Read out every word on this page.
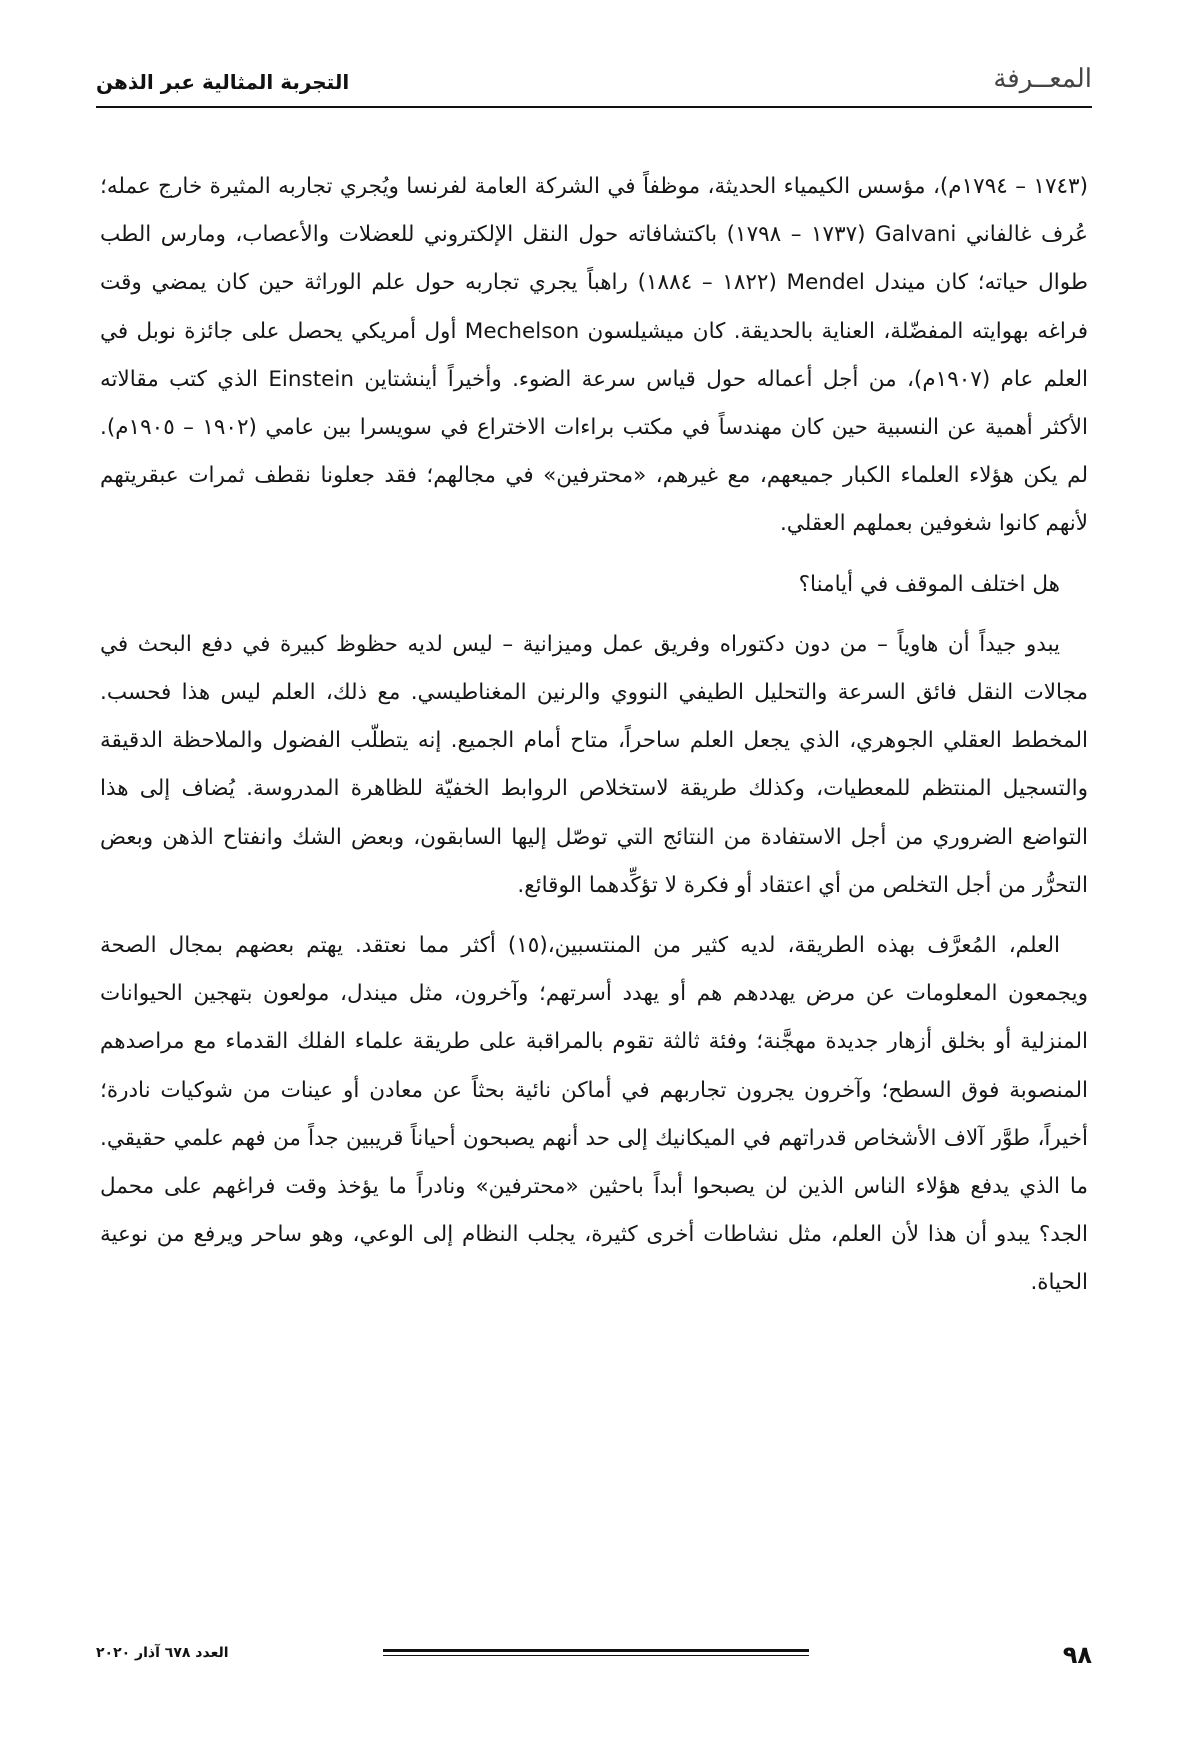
المعــرفة
التجربة المثالية عبر الذهن

(١٧٤٣ – ١٧٩٤م)، مؤسس الكيمياء الحديثة، موظفاً في الشركة العامة لفرنسا ويُجري تجاربه المثيرة خارج عمله؛ عُرف غالفاني Galvani (١٧٣٧ – ١٧٩٨) باكتشافاته حول النقل الإلكتروني للعضلات والأعصاب، ومارس الطب طوال حياته؛ كان ميندل Mendel (١٨٢٢ – ١٨٨٤) راهباً يجري تجاربه حول علم الوراثة حين كان يمضي وقت فراغه بهوايته المفضّلة، العناية بالحديقة. كان ميشيلسون Mechelson أول أمريكي يحصل على جائزة نوبل في العلم عام (١٩٠٧م)، من أجل أعماله حول قياس سرعة الضوء. وأخيراً أينشتاين Einstein الذي كتب مقالاته الأكثر أهمية عن النسبية حين كان مهندساً في مكتب براءات الاختراع في سويسرا بين عامي (١٩٠٢ – ١٩٠٥م). لم يكن هؤلاء العلماء الكبار جميعهم، مع غيرهم، «محترفين» في مجالهم؛ فقد جعلونا نقطف ثمرات عبقريتهم لأنهم كانوا شغوفين بعملهم العقلي.

هل اختلف الموقف في أيامنا؟

يبدو جيداً أن هاوياً – من دون دكتوراه وفريق عمل وميزانية – ليس لديه حظوظ كبيرة في دفع البحث في مجالات النقل فائق السرعة والتحليل الطيفي النووي والرنين المغناطيسي. مع ذلك، العلم ليس هذا فحسب. المخطط العقلي الجوهري، الذي يجعل العلم ساحراً، متاح أمام الجميع. إنه يتطلّب الفضول والملاحظة الدقيقة والتسجيل المنتظم للمعطيات، وكذلك طريقة لاستخلاص الروابط الخفيّة للظاهرة المدروسة. يُضاف إلى هذا التواضع الضروري من أجل الاستفادة من النتائج التي توصّل إليها السابقون، وبعض الشك وانفتاح الذهن وبعض التحرُّر من أجل التخلص من أي اعتقاد أو فكرة لا تؤكِّدهما الوقائع.

العلم، المُعرَّف بهذه الطريقة، لديه كثير من المنتسبين،(١٥) أكثر مما نعتقد. يهتم بعضهم بمجال الصحة ويجمعون المعلومات عن مرض يهددهم هم أو يهدد أسرتهم؛ وآخرون، مثل ميندل، مولعون بتهجين الحيوانات المنزلية أو بخلق أزهار جديدة مهجَّنة؛ وفئة ثالثة تقوم بالمراقبة على طريقة علماء الفلك القدماء مع مراصدهم المنصوبة فوق السطح؛ وآخرون يجرون تجاربهم في أماكن نائية بحثاً عن معادن أو عينات من شوكيات نادرة؛ أخيراً، طوَّر آلاف الأشخاص قدراتهم في الميكانيك إلى حد أنهم يصبحون أحياناً قريبين جداً من فهم علمي حقيقي. ما الذي يدفع هؤلاء الناس الذين لن يصبحوا أبداً باحثين «محترفين» ونادراً ما يؤخذ وقت فراغهم على محمل الجد؟ يبدو أن هذا لأن العلم، مثل نشاطات أخرى كثيرة، يجلب النظام إلى الوعي، وهو ساحر ويرفع من نوعية الحياة.

٩٨
العدد ٦٧٨ آذار ٢٠٢٠
